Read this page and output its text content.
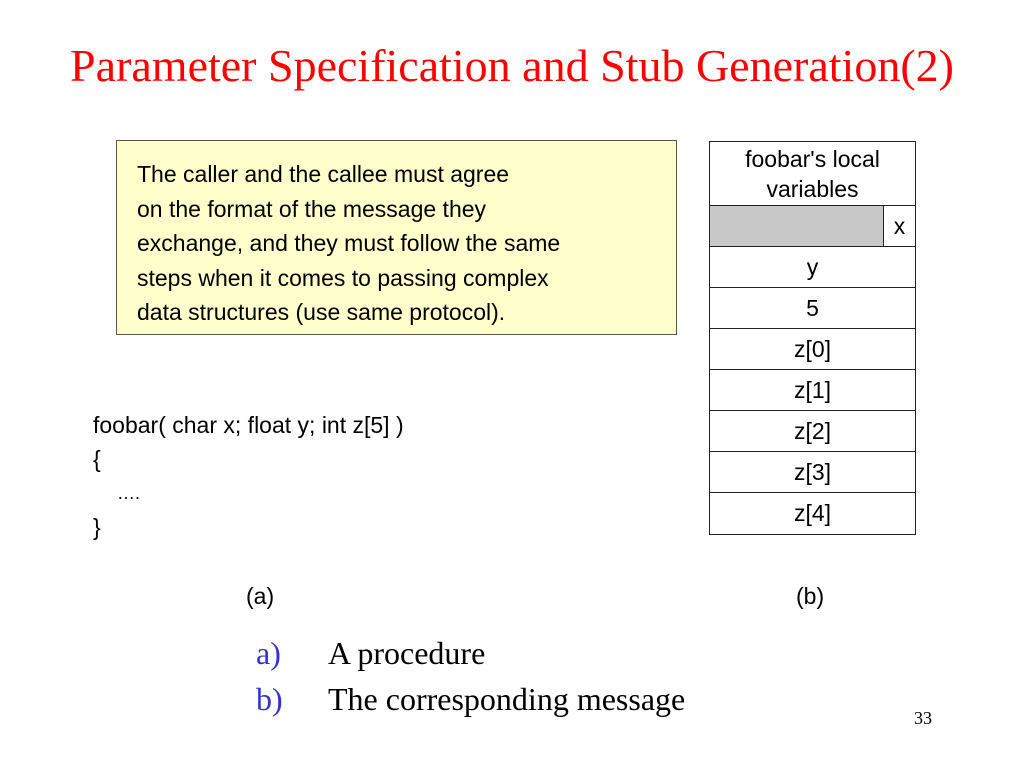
Parameter Specification and Stub Generation(2)
The caller and the callee must agree
on the format of the message they
exchange, and they must follow the same
steps when it comes to passing complex
data structures (use same protocol).
foobar( char x; float y; int z[5] )
{
….
}
foobar's local
variables
x
y
5
z[0]
z[1]
z[2]
z[3]
z[4]
(a)	(b)
a)	A procedure
b)	The corresponding message
33
